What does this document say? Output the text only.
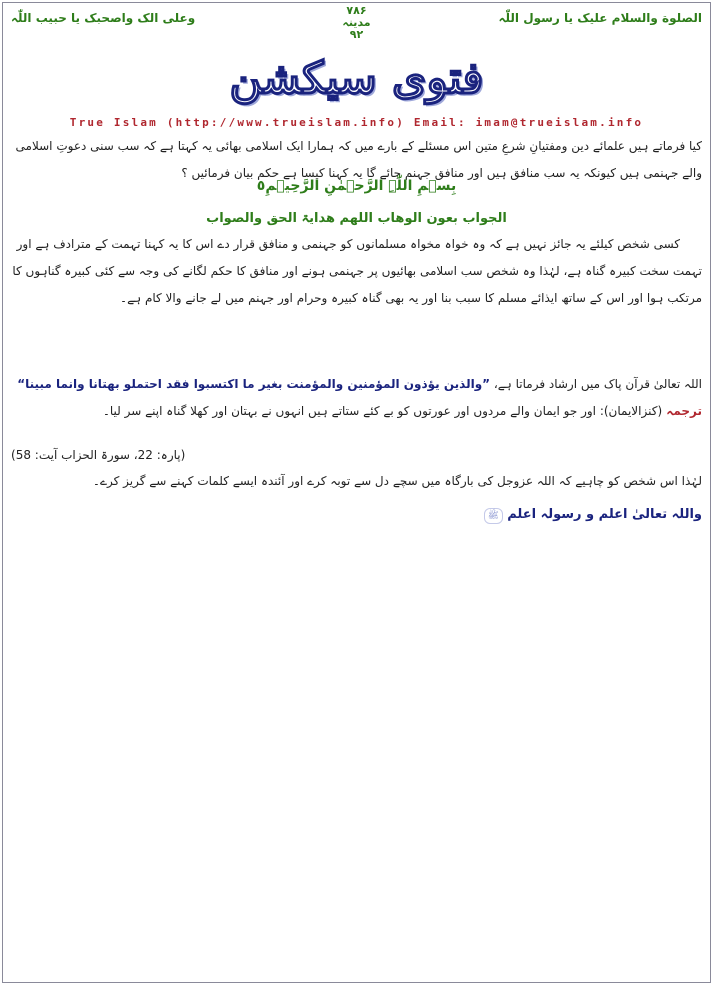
الصلوة والسلام علیک یا رسول اللّٰہ
۷۸۶
مدینہ
۹۲
وعلی الک واصحبک یا حبیب اللّٰہ
فتوی سیکشن
True Islam (http://www.trueislam.info) Email: imam@trueislam.info
کیا فرماتے ہیں علمائے دین ومفتیانِ شرعِ متین اس مسئلے کے بارے میں کہ ہمارا ایک اسلامی بھائی یہ کہتا ہے کہ سب سنی دعوتِ اسلامی والے جہنمی ہیں کیونکہ یہ سب منافق ہیں اور منافق جہنم جائے گا یہ کہنا کیسا ہے حکم بیان فرمائیں ؟
بِسۡمِ اللّٰہِ الرَّحۡمٰنِ الرَّحِیۡمِ٥
الجواب بعون الوھاب اللھم ھدایۃ الحق والصواب
کسی شخص کیلئے یہ جائز نہیں ہے کہ وہ خواہ مخواہ مسلمانوں کو جہنمی و منافق قرار دے اس کا یہ کہنا تہمت کے مترادف ہے اور تہمت سخت کبیرہ گناہ ہے، لہٰذا وہ شخص سب اسلامی بھائیوں پر جہنمی ہونے اور منافق کا حکم لگانے کی وجہ سے کئی کبیرہ گناہوں کا مرتکب ہوا اور اس کے ساتھ ایذائے مسلم کا سبب بنا اور یہ بھی گناہ کبیرہ وحرام اور جہنم میں لے جانے والا کام ہے۔
اللہ تعالیٰ قرآن پاک میں ارشاد فرماتا ہے، ”والذین یؤذون المؤمنین والمؤمنت بغیر ما اکتسبوا فقد احتملو بھتانا وانما مبینا“ ترجمہ (کنزالایمان): اور جو ایمان والے مردوں اور عورتوں کو بے کئے ستاتے ہیں انہوں نے بہتان اور کھلا گناہ اپنے سر لیا۔
(پارہ: 22، سورۃ الحزاب آیت: 58)
لہٰذا اس شخص کو چاہیے کہ اللہ عزوجل کی بارگاہ میں سچے دل سے توبہ کرے اور آئندہ ایسے کلمات کہنے سے گریز کرے۔
واللہ تعالیٰ اعلم و رسولہ اعلم ﷺ
